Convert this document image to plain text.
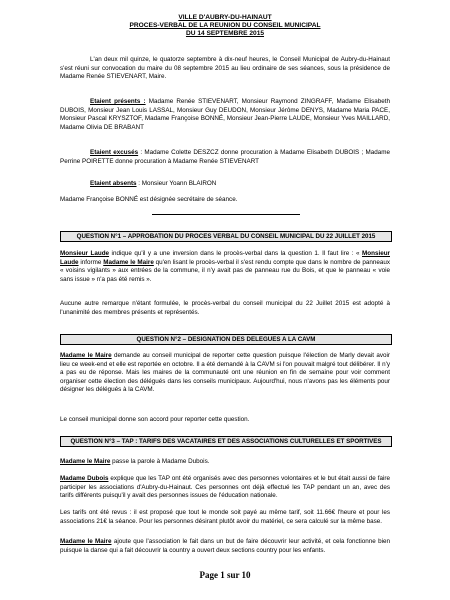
VILLE D'AUBRY-DU-HAINAUT
PROCES-VERBAL DE LA REUNION DU CONSEIL MUNICIPAL
DU 14 SEPTEMBRE 2015
L'an deux mil quinze, le quatorze septembre à dix-neuf heures, le Conseil Municipal de Aubry-du-Hainaut s'est réuni sur convocation du maire du 08 septembre 2015 au lieu ordinaire de ses séances, sous la présidence de Madame Renée STIEVENART, Maire.
Etaient présents : Madame Renée STIEVENART, Monsieur Raymond ZINGRAFF, Madame Elisabeth DUBOIS, Monsieur Jean Louis LASSAL, Monsieur Guy DEUDON, Monsieur Jérôme DENYS, Madame Maria PACE, Monsieur Pascal KRYSZTOF, Madame Françoise BONNÉ, Monsieur Jean-Pierre LAUDE, Monsieur Yves MAILLARD, Madame Olivia DE BRABANT
Etaient excusés : Madame Colette DESZCZ donne procuration à Madame Elisabeth DUBOIS ; Madame Perrine POIRETTE donne procuration à Madame Renée STIEVENART
Etaient absents : Monsieur Yoann BLAIRON
Madame Françoise BONNÉ est désignée secrétaire de séance.
QUESTION N°1 – APPROBATION DU PROCES VERBAL DU CONSEIL MUNICIPAL DU 22 JUILLET 2015
Monsieur Laude indique qu'il y a une inversion dans le procès-verbal dans la question 1. Il faut lire : « Monsieur Laude informe Madame le Maire qu'en lisant le procès-verbal il s'est rendu compte que dans le nombre de panneaux « voisins vigilants » aux entrées de la commune, il n'y avait pas de panneau rue du Bois, et que le panneau « voie sans issue » n'a pas été remis ».
Aucune autre remarque n'étant formulée, le procès-verbal du conseil municipal du 22 Juillet 2015 est adopté à l'unanimité des membres présents et représentés.
QUESTION N°2 – DESIGNATION DES DELEGUES A LA CAVM
Madame le Maire demande au conseil municipal de reporter cette question puisque l'élection de Marly devait avoir lieu ce week-end et elle est reportée en octobre. Il a été demandé à la CAVM si l'on pouvait malgré tout délibérer. Il n'y a pas eu de réponse. Mais les maires de la communauté ont une réunion en fin de semaine pour voir comment organiser cette élection des délégués dans les conseils municipaux. Aujourd'hui, nous n'avons pas les éléments pour désigner les délégués à la CAVM.
Le conseil municipal donne son accord pour reporter cette question.
QUESTION N°3 – TAP : TARIFS DES VACATAIRES ET DES ASSOCIATIONS CULTURELLES ET SPORTIVES
Madame le Maire passe la parole à Madame Dubois.
Madame Dubois explique que les TAP ont été organisés avec des personnes volontaires et le but était aussi de faire participer les associations d'Aubry-du-Hainaut. Ces personnes ont déjà effectué les TAP pendant un an, avec des tarifs différents puisqu'il y avait des personnes issues de l'éducation nationale.
Les tarifs ont été revus : il est proposé que tout le monde soit payé au même tarif, soit 11.66€ l'heure et pour les associations 21€ la séance. Pour les personnes désirant plutôt avoir du matériel, ce sera calculé sur la même base.
Madame le Maire ajoute que l'association le fait dans un but de faire découvrir leur activité, et cela fonctionne bien puisque la danse qui a fait découvrir la country a ouvert deux sections country pour les enfants.
Page 1 sur 10
